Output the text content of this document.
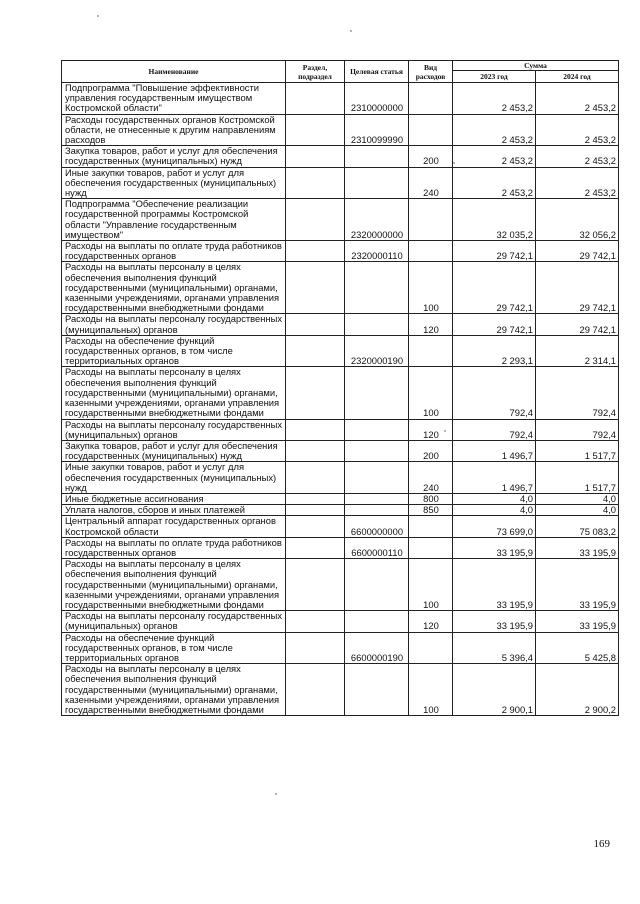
Наименование	Раздел, подраздел	Целевая статья	Вид расходов	Сумма	
				2023 год	2024 год
Подпрограмма "Повышение эффективности управления государственным имуществом Костромской области"		2310000000		2 453,2	2 453,2
Расходы государственных органов Костромской области, не отнесенные к другим направлениям расходов		2310099990		2 453,2	2 453,2
Закупка товаров, работ и услуг для обеспечения государственных (муниципальных) нужд			200	2 453,2	2 453,2
Иные закупки товаров, работ и услуг для обеспечения государственных (муниципальных) нужд			240	2 453,2	2 453,2
Подпрограмма "Обеспечение реализации государственной программы Костромской области "Управление государственным имуществом"		2320000000		32 035,2	32 056,2
Расходы на выплаты по оплате труда работников государственных органов		2320000110		29 742,1	29 742,1
Расходы на выплаты персоналу в целях обеспечения выполнения функций государственными (муниципальными) органами, казенными учреждениями, органами управления государственными внебюджетными фондами			100	29 742,1	29 742,1
Расходы на выплаты персоналу государственных (муниципальных) органов			120	29 742,1	29 742,1
Расходы на обеспечение функций государственных органов, в том числе территориальных органов		2320000190		2 293,1	2 314,1
Расходы на выплаты персоналу в целях обеспечения выполнения функций государственными (муниципальными) органами, казенными учреждениями, органами управления государственными внебюджетными фондами			100	792,4	792,4
Расходы на выплаты персоналу государственных (муниципальных) органов			120	792,4	792,4
Закупка товаров, работ и услуг для обеспечения государственных (муниципальных) нужд			200	1 496,7	1 517,7
Иные закупки товаров, работ и услуг для обеспечения государственных (муниципальных) нужд			240	1 496,7	1 517,7
Иные бюджетные ассигнования			800	4,0	4,0
Уплата налогов, сборов и иных платежей			850	4,0	4,0
Центральный аппарат государственных органов Костромской области		6600000000		73 699,0	75 083,2
Расходы на выплаты по оплате труда работников государственных органов		6600000110		33 195,9	33 195,9
Расходы на выплаты персоналу в целях обеспечения выполнения функций государственными (муниципальными) органами, казенными учреждениями, органами управления государственными внебюджетными фондами			100	33 195,9	33 195,9
Расходы на выплаты персоналу государственных (муниципальных) органов			120	33 195,9	33 195,9
Расходы на обеспечение функций государственных органов, в том числе территориальных органов		6600000190		5 396,4	5 425,8
Расходы на выплаты персоналу в целях обеспечения выполнения функций государственными (муниципальными) органами, казенными учреждениями, органами управления государственными внебюджетными фондами			100	2 900,1	2 900,2
169
